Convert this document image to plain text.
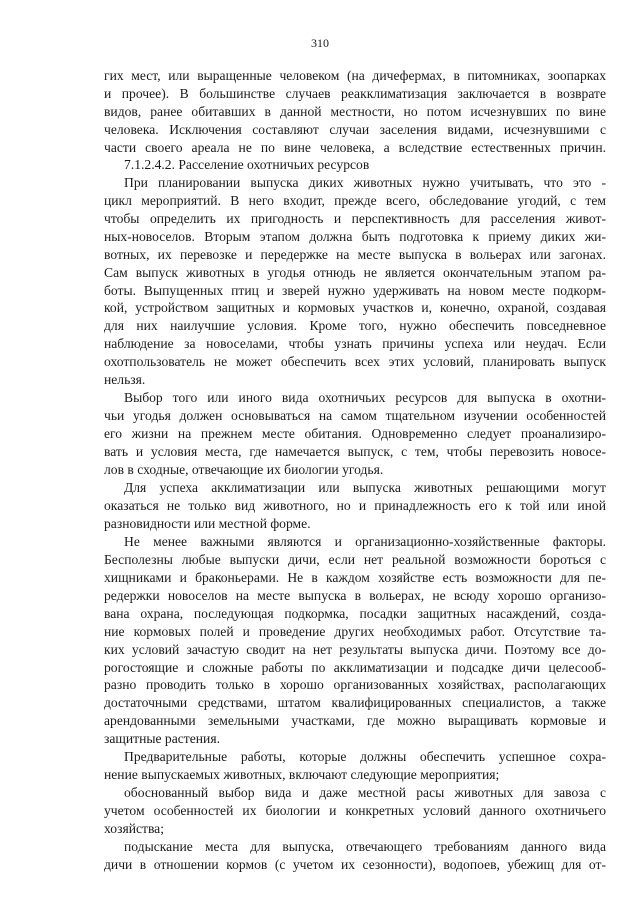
310
гих мест, или выращенные человеком (на дичефермах, в питомниках, зоопарках
и прочее). В большинстве случаев реакклиматизация заключается в возврате
видов, ранее обитавших в данной местности, но потом исчезнувших по вине
человека. Исключения составляют случаи заселения видами, исчезнувшими с
части своего ареала не по вине человека, а вследствие естественных причин.
7.1.2.4.2. Расселение охотничьих ресурсов
При планировании выпуска диких животных нужно учитывать, что это -
цикл мероприятий. В него входит, прежде всего, обследование угодий, с тем
чтобы определить их пригодность и перспективность для расселения живот-
ных-новоселов. Вторым этапом должна быть подготовка к приему диких жи-
вотных, их перевозке и передержке на месте выпуска в вольерах или загонах.
Сам выпуск животных в угодья отнюдь не является окончательным этапом ра-
боты. Выпущенных птиц и зверей нужно удерживать на новом месте подкорм-
кой, устройством защитных и кормовых участков и, конечно, охраной, создавая
для них наилучшие условия. Кроме того, нужно обеспечить повседневное
наблюдение за новоселами, чтобы узнать причины успеха или неудач. Если
охотпользователь не может обеспечить всех этих условий, планировать выпуск
нельзя.
Выбор того или иного вида охотничьих ресурсов для выпуска в охотни-
чьи угодья должен основываться на самом тщательном изучении особенностей
его жизни на прежнем месте обитания. Одновременно следует проанализиро-
вать и условия места, где намечается выпуск, с тем, чтобы перевозить новосе-
лов в сходные, отвечающие их биологии угодья.
Для успеха акклиматизации или выпуска животных решающими могут
оказаться не только вид животного, но и принадлежность его к той или иной
разновидности или местной форме.
Не менее важными являются и организационно-хозяйственные факторы.
Бесполезны любые выпуски дичи, если нет реальной возможности бороться с
хищниками и браконьерами. Не в каждом хозяйстве есть возможности для пе-
редержки новоселов на месте выпуска в вольерах, не всюду хорошо организо-
вана охрана, последующая подкормка, посадки защитных насаждений, созда-
ние кормовых полей и проведение других необходимых работ. Отсутствие та-
ких условий зачастую сводит на нет результаты выпуска дичи. Поэтому все до-
рогостоящие и сложные работы по акклиматизации и подсадке дичи целесооб-
разно проводить только в хорошо организованных хозяйствах, располагающих
достаточными средствами, штатом квалифицированных специалистов, а также
арендованными земельными участками, где можно выращивать кормовые и
защитные растения.
Предварительные работы, которые должны обеспечить успешное сохра-
нение выпускаемых животных, включают следующие мероприятия;
обоснованный выбор вида и даже местной расы животных для завоза с
учетом особенностей их биологии и конкретных условий данного охотничьего
хозяйства;
подыскание места для выпуска, отвечающего требованиям данного вида
дичи в отношении кормов (с учетом их сезонности), водопоев, убежищ для от-
